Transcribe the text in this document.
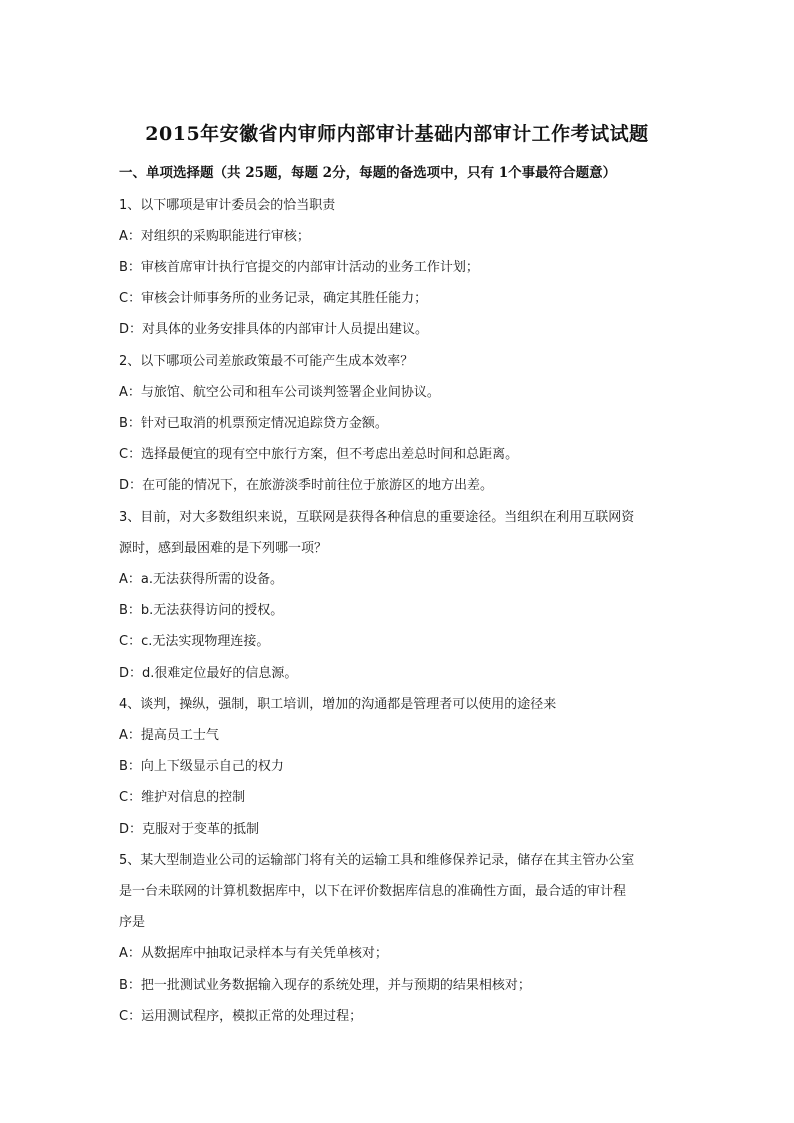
2015年安徽省内审师内部审计基础内部审计工作考试试题
一、单项选择题（共 25题，每题 2分，每题的备选项中，只有 1个事最符合题意）
1、以下哪项是审计委员会的恰当职责
A：对组织的采购职能进行审核；
B：审核首席审计执行官提交的内部审计活动的业务工作计划；
C：审核会计师事务所的业务记录，确定其胜任能力；
D：对具体的业务安排具体的内部审计人员提出建议。
2、以下哪项公司差旅政策最不可能产生成本效率？
A：与旅馆、航空公司和租车公司谈判签署企业间协议。
B：针对已取消的机票预定情况追踪贷方金额。
C：选择最便宜的现有空中旅行方案，但不考虑出差总时间和总距离。
D：在可能的情况下，在旅游淡季时前往位于旅游区的地方出差。
3、目前，对大多数组织来说，互联网是获得各种信息的重要途径。当组织在利用互联网资
源时，感到最困难的是下列哪一项？
A：a.无法获得所需的设备。
B：b.无法获得访问的授权。
C：c.无法实现物理连接。
D：d.很难定位最好的信息源。
4、谈判，操纵，强制，职工培训，增加的沟通都是管理者可以使用的途径来
A：提高员工士气
B：向上下级显示自己的权力
C：维护对信息的控制
D：克服对于变革的抵制
5、某大型制造业公司的运输部门将有关的运输工具和维修保养记录，储存在其主管办公室
是一台未联网的计算机数据库中，以下在评价数据库信息的准确性方面，最合适的审计程
序是
A：从数据库中抽取记录样本与有关凭单核对；
B：把一批测试业务数据输入现存的系统处理，并与预期的结果相核对；
C：运用测试程序，模拟正常的处理过程；
